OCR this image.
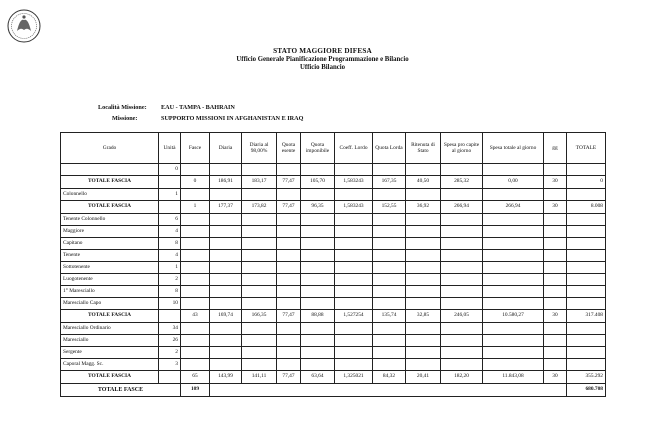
STATO MAGGIORE DIFESA
Ufficio Generale Pianificazione Programmazione e Bilancio
Ufficio Bilancio
Località Missione: EAU - TAMPA - BAHRAIN
Missione:	SUPPORTO MISSIONI IN AFGHANISTAN E IRAQ
Grado	Unità	Fasce	Diaria	Diaria al 98,00%	Quota esente	Quota imponibile	Coeff. Lordo	Quota Lorda	Ritenuta di Stato	Spesa pro capite al giorno	Spesa totale al giorno	gg	TOTALE
	0												
TOTALE FASCIA		0	186,91	183,17	77,47	105,70	1,583243	167,35	40,50	285,32	0,00	30	0
Colonnello	1												
TOTALE FASCIA		1	177,37	173,82	77,47	96,35	1,583243	152,55	36,92	266,94	266,94	30	8.008
Tenente Colonnello	6												
Maggiore	4												
Capitano	8												
Tenente	4												
Sottotenente	1												
Luogotenente	2												
1° Maresciallo	8												
Maresciallo Capo	10												
TOTALE FASCIA		43	169,74	166,35	77,47	88,88	1,527254	135,74	32,85	246,05	10.580,27	30	317.408
Maresciallo Ordinario	34												
Maresciallo	26												
Sergente	2												
Caporal Magg. Sc.	3												
TOTALE FASCIA		65	143,99	141,11	77,47	63,64	1,325021	84,32	20,41	182,20	11.843,08	30	355.292
TOTALE FASCE		109											680.708
